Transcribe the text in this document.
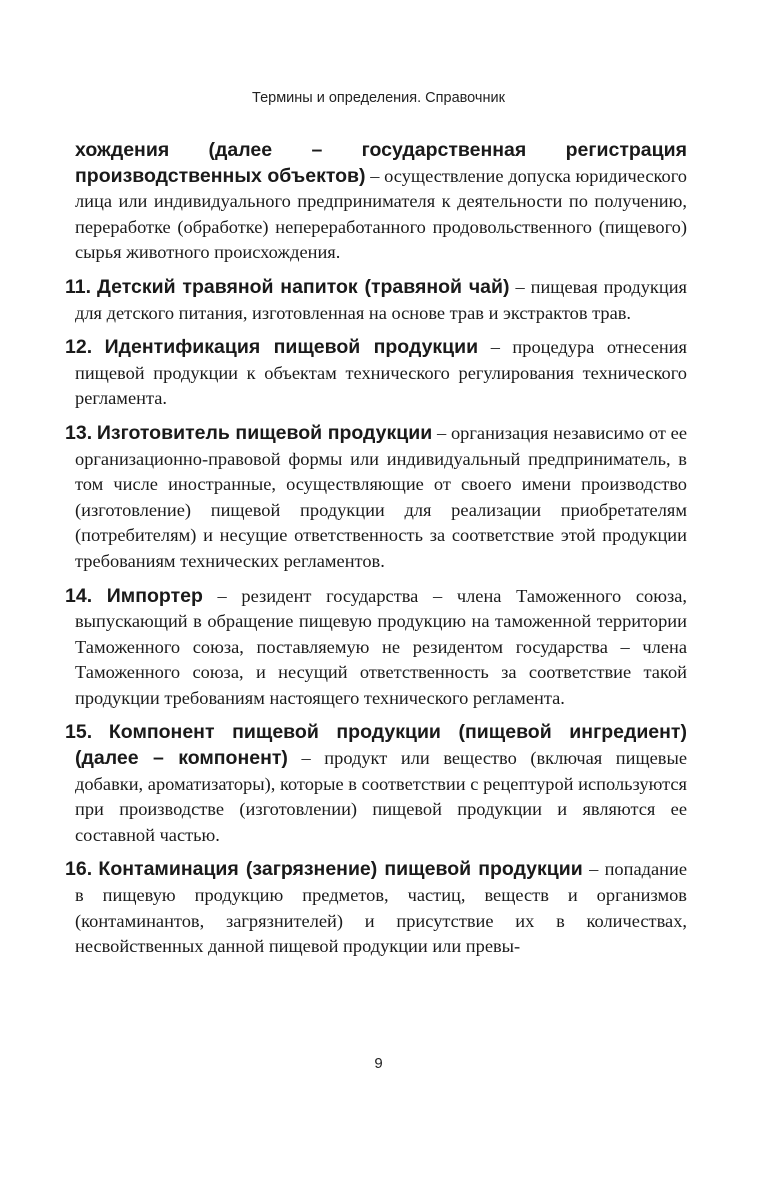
Термины и определения. Справочник

хождения (далее – государственная регистрация производственных объектов) – осуществление допуска юридического лица или индивидуального предпринимателя к деятельности по получению, переработке (обработке) непереработанного продовольственного (пищевого) сырья животного происхождения.

11. Детский травяной напиток (травяной чай) – пищевая продукция для детского питания, изготовленная на основе трав и экстрактов трав.

12. Идентификация пищевой продукции – процедура отнесения пищевой продукции к объектам технического регулирования технического регламента.

13. Изготовитель пищевой продукции – организация независимо от ее организационно-правовой формы или индивидуальный предприниматель, в том числе иностранные, осуществляющие от своего имени производство (изготовление) пищевой продукции для реализации приобретателям (потребителям) и несущие ответственность за соответствие этой продукции требованиям технических регламентов.

14. Импортер – резидент государства – члена Таможенного союза, выпускающий в обращение пищевую продукцию на таможенной территории Таможенного союза, поставляемую не резидентом государства – члена Таможенного союза, и несущий ответственность за соответствие такой продукции требованиям настоящего технического регламента.

15. Компонент пищевой продукции (пищевой ингредиент) (далее – компонент) – продукт или вещество (включая пищевые добавки, ароматизаторы), которые в соответствии с рецептурой используются при производстве (изготовлении) пищевой продукции и являются ее составной частью.

16. Контаминация (загрязнение) пищевой продукции – попадание в пищевую продукцию предметов, частиц, веществ и организмов (контаминантов, загрязнителей) и присутствие их в количествах, несвойственных данной пищевой продукции или превы-

9
